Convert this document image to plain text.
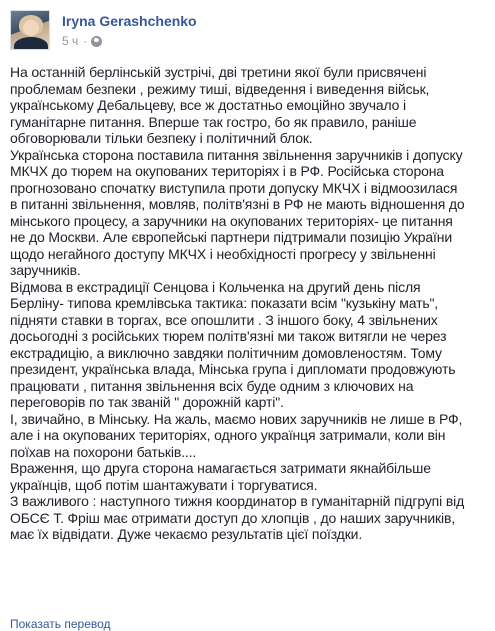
Iryna Gerashchenko
5 ч ·

На останній берлінській зустрічі, дві третини якої були присвячені

проблемам безпеки , режиму тиші, відведення і виведення військ,

українському Дебальцеву, все ж достатньо емоційно звучало і

гуманітарне питання. Вперше так гостро, бо як правило, раніше

обговорювали тільки безпеку і політичний блок.

Українська сторона поставила питання звільнення заручників і допуску

МКЧХ до тюрем на окупованих територіях і в РФ. Російська сторона

прогнозовано спочатку виступила проти допуску МКЧХ і відмоозилася

в питанні звільнення, мовляв, політв'язні в РФ не мають відношення до

мінського процесу, а заручники на окупованих територіях- це питання

не до Москви. Але європейські партнери підтримали позицію України

щодо негайного доступу МКЧХ і необхідності прогресу у звільненні

заручників.

Відмова в екстрадиції Сенцова і Кольченка на другий день після

Берліну- типова кремлівська тактика: показати всім "кузькіну мать",

підняти ставки в торгах, все опошлити . З іншого боку, 4 звільнених

досьогодні з російських тюрем політв'язні ми також витягли не через

екстрадицію, а виключно завдяки політичним домовленостям. Тому

президент, українська влада, Мінська група і дипломати продовжують

працювати , питання звільнення всіх буде одним з ключових на

переговорів по так званій " дорожній карті".

І, звичайно, в Мінську. На жаль, маємо нових заручників не лише в РФ,

але і на окупованих територіях, одного українця затримали, коли він

поїхав на похорони батьків....

Враження, що друга сторона намагається затримати якнайбільше

українців, щоб потім шантажувати і торгуватися.

З важливого : наступного тижня координатор в гуманітарній підгрупі від

ОБСЄ Т. Фріш має отримати доступ до хлопців , до наших заручників,

має їх відвідати. Дуже чекаємо результатів цієї поїздки.

Показать перевод
